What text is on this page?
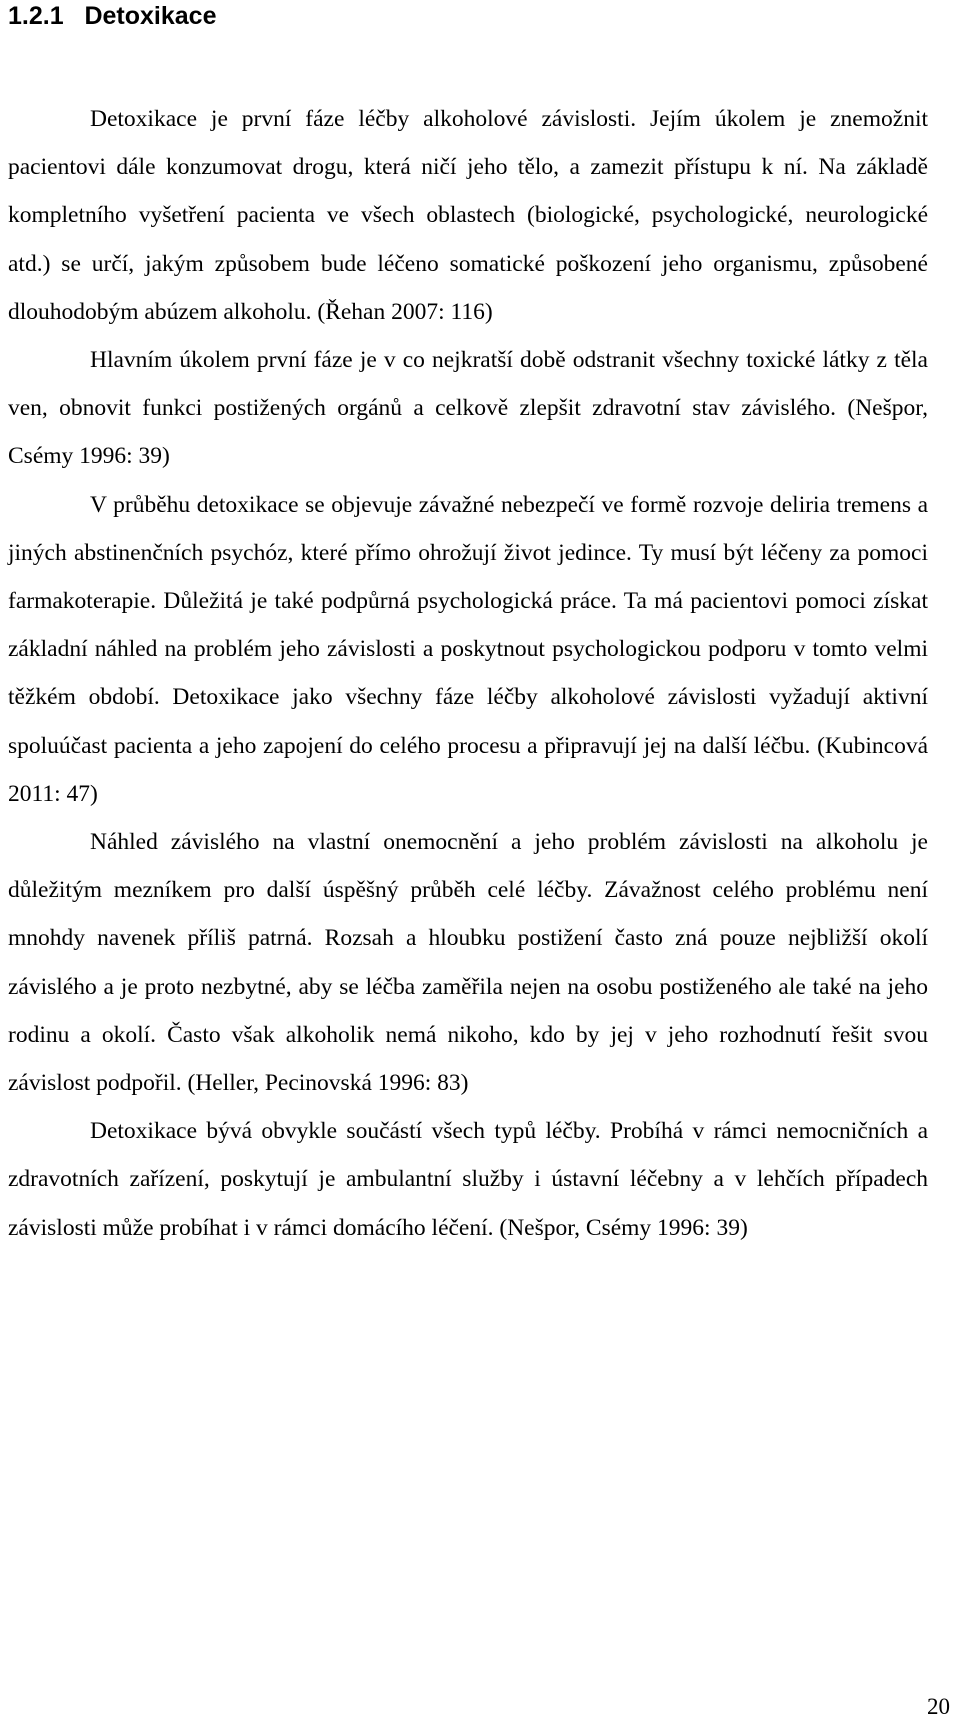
1.2.1 Detoxikace

Detoxikace je první fáze léčby alkoholové závislosti. Jejím úkolem je znemožnit pacientovi dále konzumovat drogu, která ničí jeho tělo, a zamezit přístupu k ní. Na základě kompletního vyšetření pacienta ve všech oblastech (biologické, psychologické, neurologické atd.) se určí, jakým způsobem bude léčeno somatické poškození jeho organismu, způsobené dlouhodobým abúzem alkoholu. (Řehan 2007: 116)

Hlavním úkolem první fáze je v co nejkratší době odstranit všechny toxické látky z těla ven, obnovit funkci postižených orgánů a celkově zlepšit zdravotní stav závislého. (Nešpor, Csémy 1996: 39)

V průběhu detoxikace se objevuje závažné nebezpečí ve formě rozvoje deliria tremens a jiných abstinenčních psychóz, které přímo ohrožují život jedince. Ty musí být léčeny za pomoci farmakoterapie. Důležitá je také podpůrná psychologická práce. Ta má pacientovi pomoci získat základní náhled na problém jeho závislosti a poskytnout psychologickou podporu v tomto velmi těžkém období. Detoxikace jako všechny fáze léčby alkoholové závislosti vyžadují aktivní spoluúčast pacienta a jeho zapojení do celého procesu a připravují jej na další léčbu. (Kubincová 2011: 47)

Náhled závislého na vlastní onemocnění a jeho problém závislosti na alkoholu je důležitým mezníkem pro další úspěšný průběh celé léčby. Závažnost celého problému není mnohdy navenek příliš patrná. Rozsah a hloubku postižení často zná pouze nejbližší okolí závislého a je proto nezbytné, aby se léčba zaměřila nejen na osobu postiženého ale také na jeho rodinu a okolí. Často však alkoholik nemá nikoho, kdo by jej v jeho rozhodnutí řešit svou závislost podpořil. (Heller, Pecinovská 1996: 83)

Detoxikace bývá obvykle součástí všech typů léčby. Probíhá v rámci nemocničních a zdravotních zařízení, poskytují je ambulantní služby i ústavní léčebny a v lehčích případech závislosti může probíhat i v rámci domácího léčení. (Nešpor, Csémy 1996: 39)

20
